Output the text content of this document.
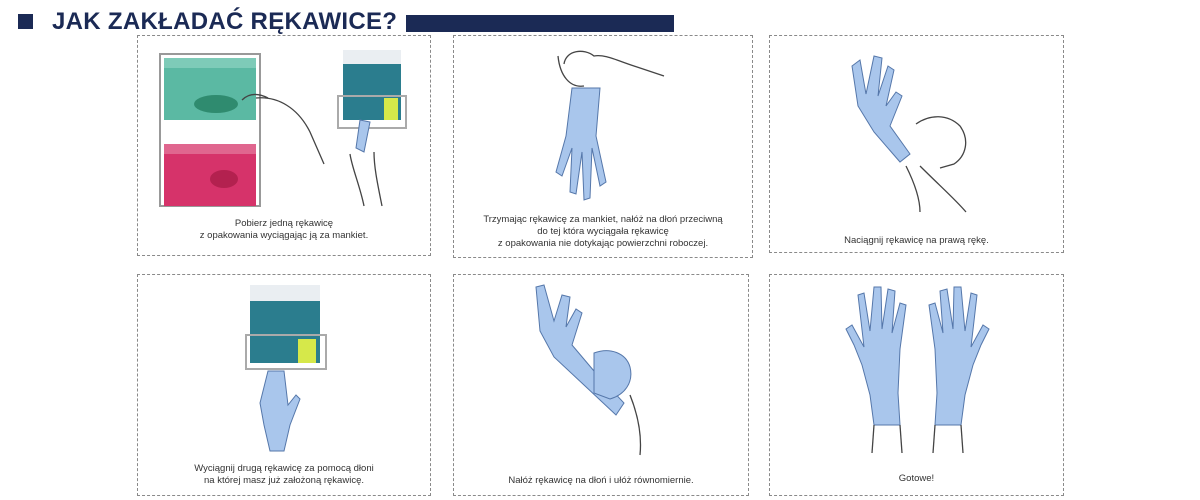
JAK ZAKŁADAĆ RĘKAWICE?
Pobierz jedną rękawicę
z opakowania wyciągając ją za mankiet.
Trzymając rękawicę za mankiet, nałóż na dłoń przeciwną
do tej która wyciągała rękawicę
z opakowania nie dotykając powierzchni roboczej.	Naciągnij rękawicę na prawą rękę.
Wyciągnij drugą rękawicę za pomocą dłoni
na której masz już założoną rękawicę.	Nałóż rękawicę na dłoń i ułóż równomiernie.	Gotowe!
